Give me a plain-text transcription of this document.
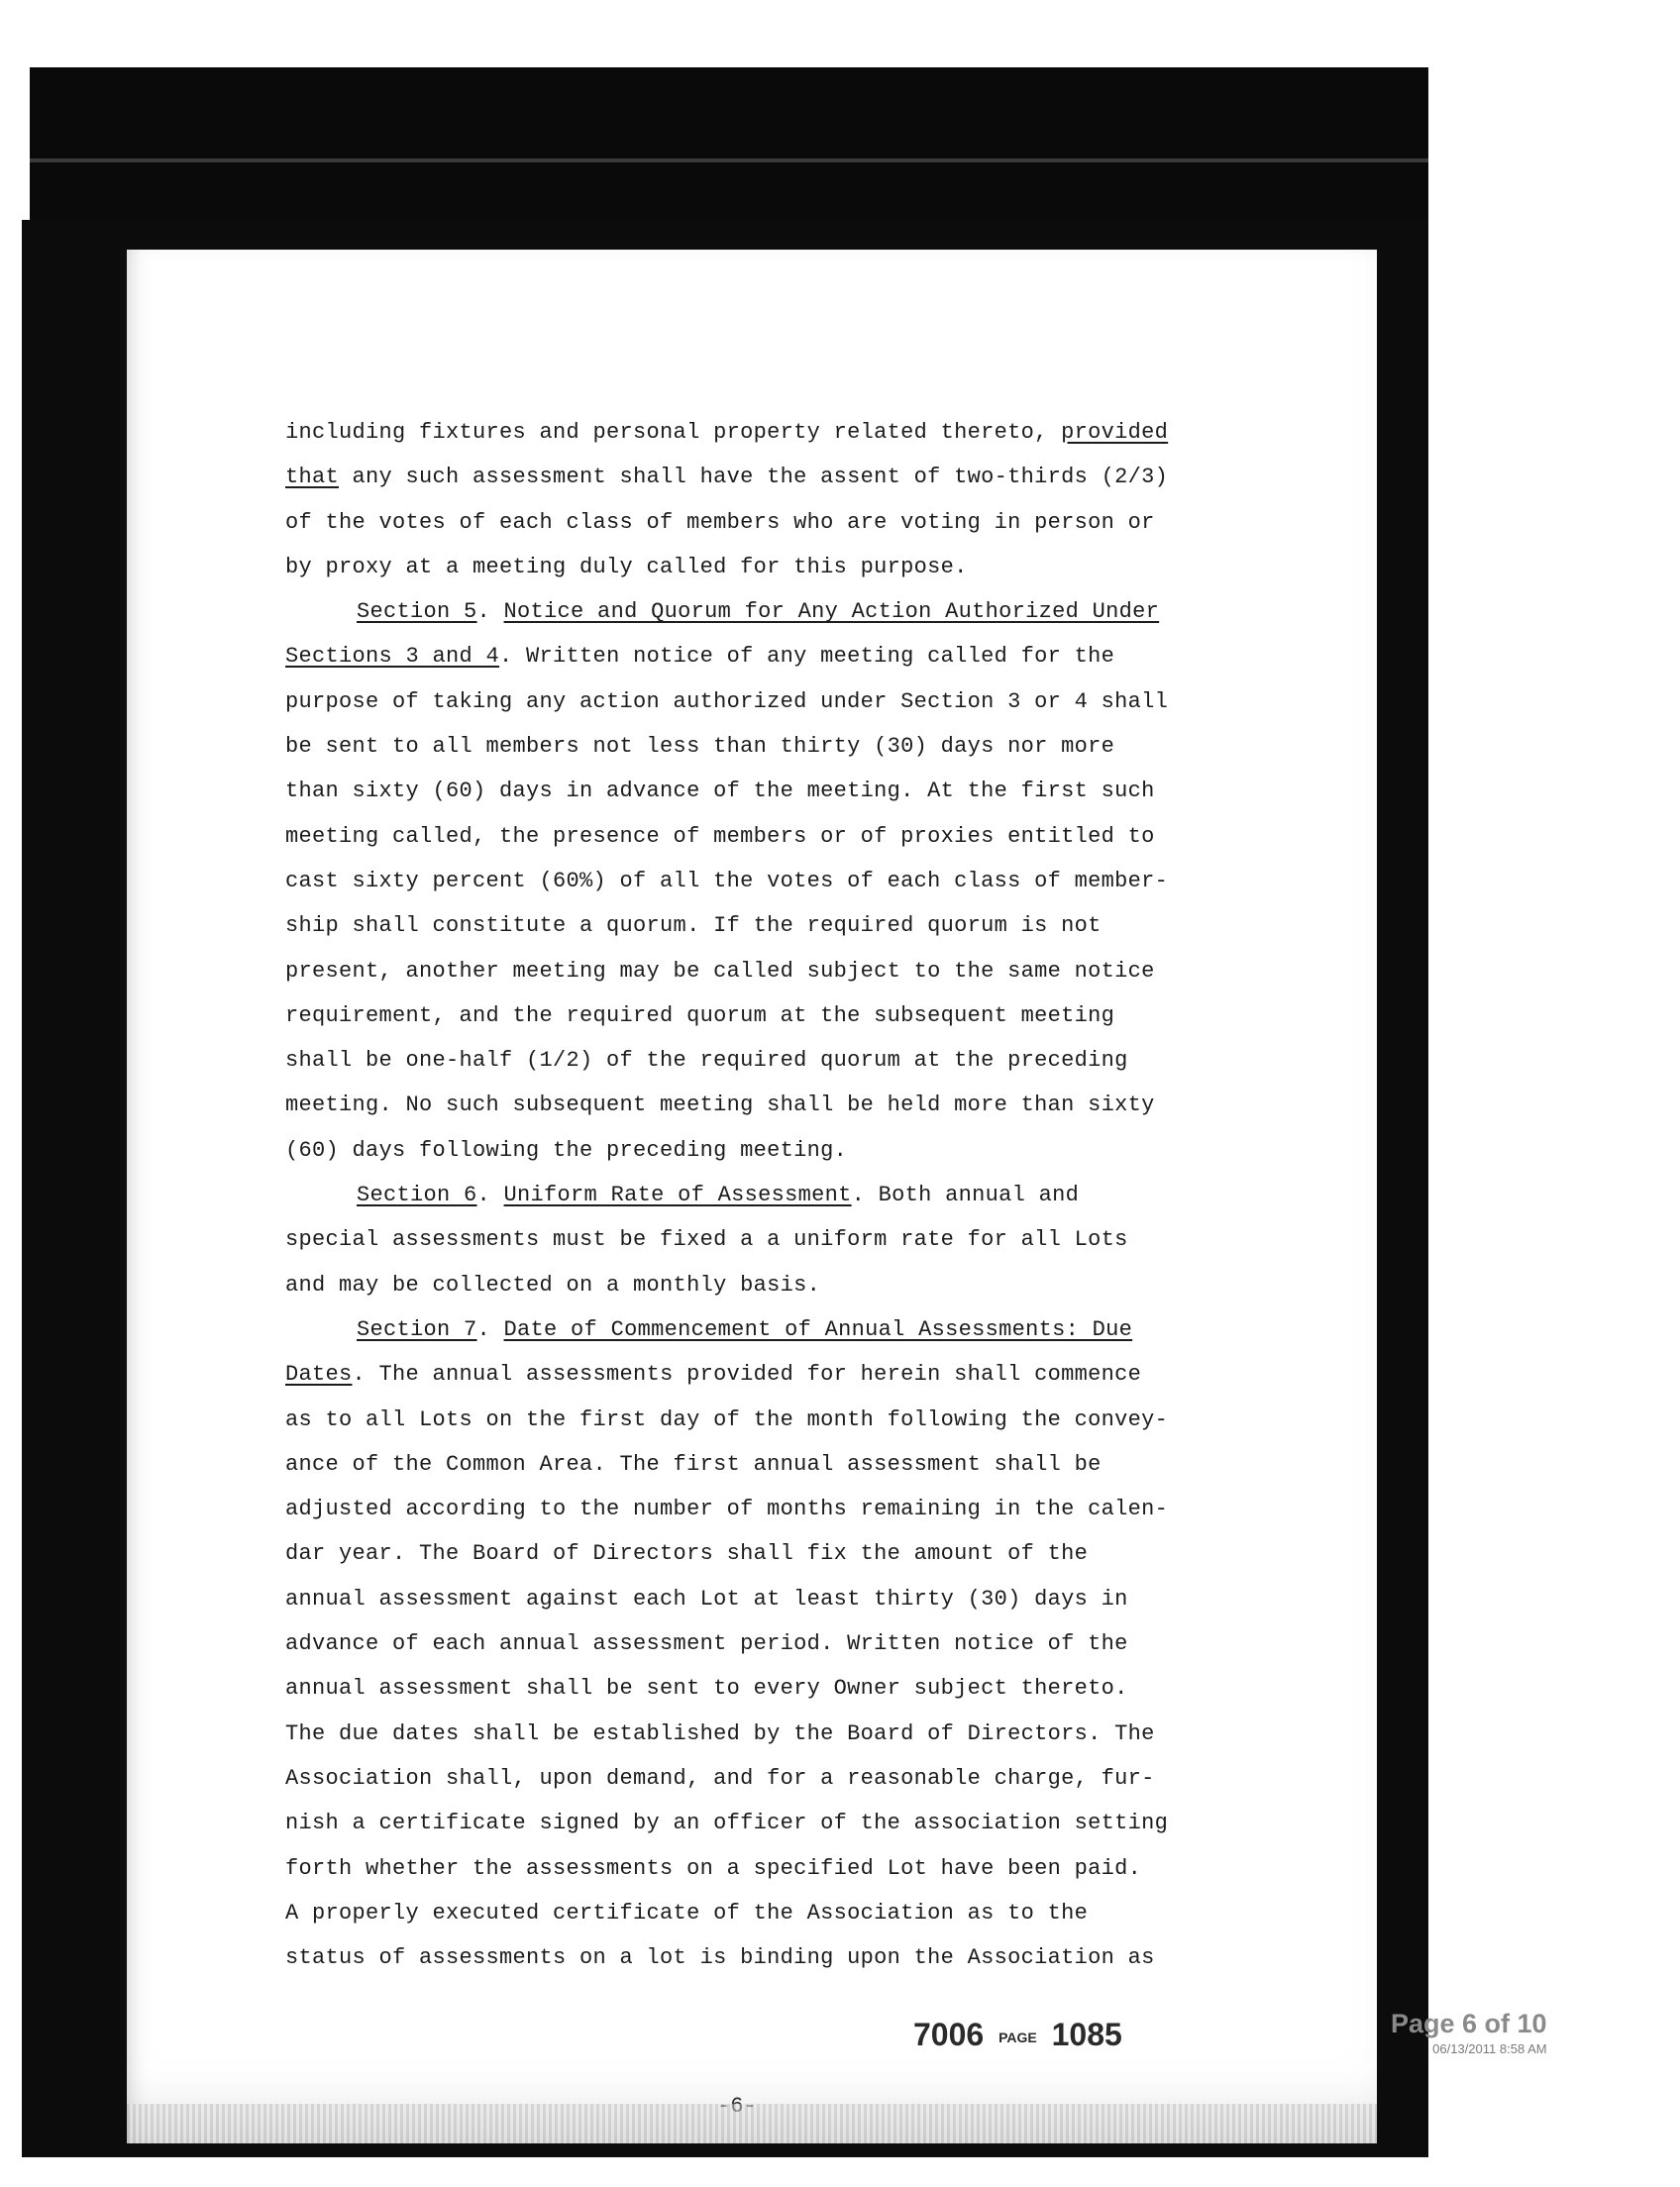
including fixtures and personal property related thereto, provided
that any such assessment shall have the assent of two-thirds (2/3)
of the votes of each class of members who are voting in person or
by proxy at a meeting duly called for this purpose.
Section 5. Notice and Quorum for Any Action Authorized Under
Sections 3 and 4. Written notice of any meeting called for the
purpose of taking any action authorized under Section 3 or 4 shall
be sent to all members not less than thirty (30) days nor more
than sixty (60) days in advance of the meeting. At the first such
meeting called, the presence of members or of proxies entitled to
cast sixty percent (60%) of all the votes of each class of member-
ship shall constitute a quorum. If the required quorum is not
present, another meeting may be called subject to the same notice
requirement, and the required quorum at the subsequent meeting
shall be one-half (1/2) of the required quorum at the preceding
meeting. No such subsequent meeting shall be held more than sixty
(60) days following the preceding meeting.
Section 6. Uniform Rate of Assessment. Both annual and
special assessments must be fixed a a uniform rate for all Lots
and may be collected on a monthly basis.
Section 7. Date of Commencement of Annual Assessments: Due
Dates. The annual assessments provided for herein shall commence
as to all Lots on the first day of the month following the convey-
ance of the Common Area. The first annual assessment shall be
adjusted according to the number of months remaining in the calen-
dar year. The Board of Directors shall fix the amount of the
annual assessment against each Lot at least thirty (30) days in
advance of each annual assessment period. Written notice of the
annual assessment shall be sent to every Owner subject thereto.
The due dates shall be established by the Board of Directors. The
Association shall, upon demand, and for a reasonable charge, fur-
nish a certificate signed by an officer of the association setting
forth whether the assessments on a specified Lot have been paid.
A properly executed certificate of the Association as to the
status of assessments on a lot is binding upon the Association as
7006 PAGE 1085	Page 6 of 10
06/13/2011 8:58 AM
